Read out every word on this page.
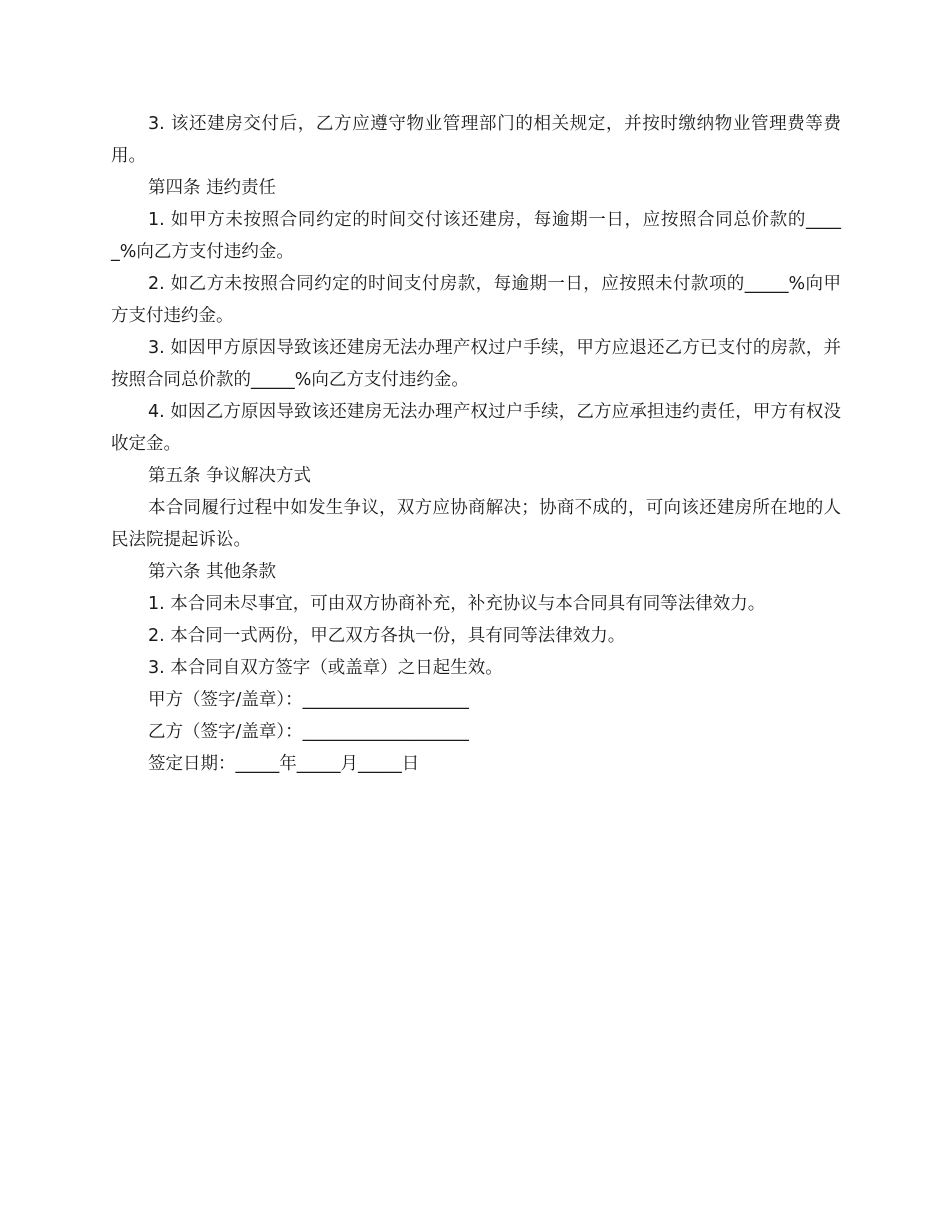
3. 该还建房交付后，乙方应遵守物业管理部门的相关规定，并按时缴纳物业管理费等费用。

第四条 违约责任

1. 如甲方未按照合同约定的时间交付该还建房，每逾期一日，应按照合同总价款的_____%向乙方支付违约金。

2. 如乙方未按照合同约定的时间支付房款，每逾期一日，应按照未付款项的_____%向甲方支付违约金。

3. 如因甲方原因导致该还建房无法办理产权过户手续，甲方应退还乙方已支付的房款，并按照合同总价款的_____%向乙方支付违约金。

4. 如因乙方原因导致该还建房无法办理产权过户手续，乙方应承担违约责任，甲方有权没收定金。

第五条 争议解决方式

本合同履行过程中如发生争议，双方应协商解决；协商不成的，可向该还建房所在地的人民法院提起诉讼。

第六条 其他条款

1. 本合同未尽事宜，可由双方协商补充，补充协议与本合同具有同等法律效力。

2. 本合同一式两份，甲乙双方各执一份，具有同等法律效力。

3. 本合同自双方签字（或盖章）之日起生效。

甲方（签字/盖章）：___________________

乙方（签字/盖章）：___________________

签定日期：_____年_____月_____日
